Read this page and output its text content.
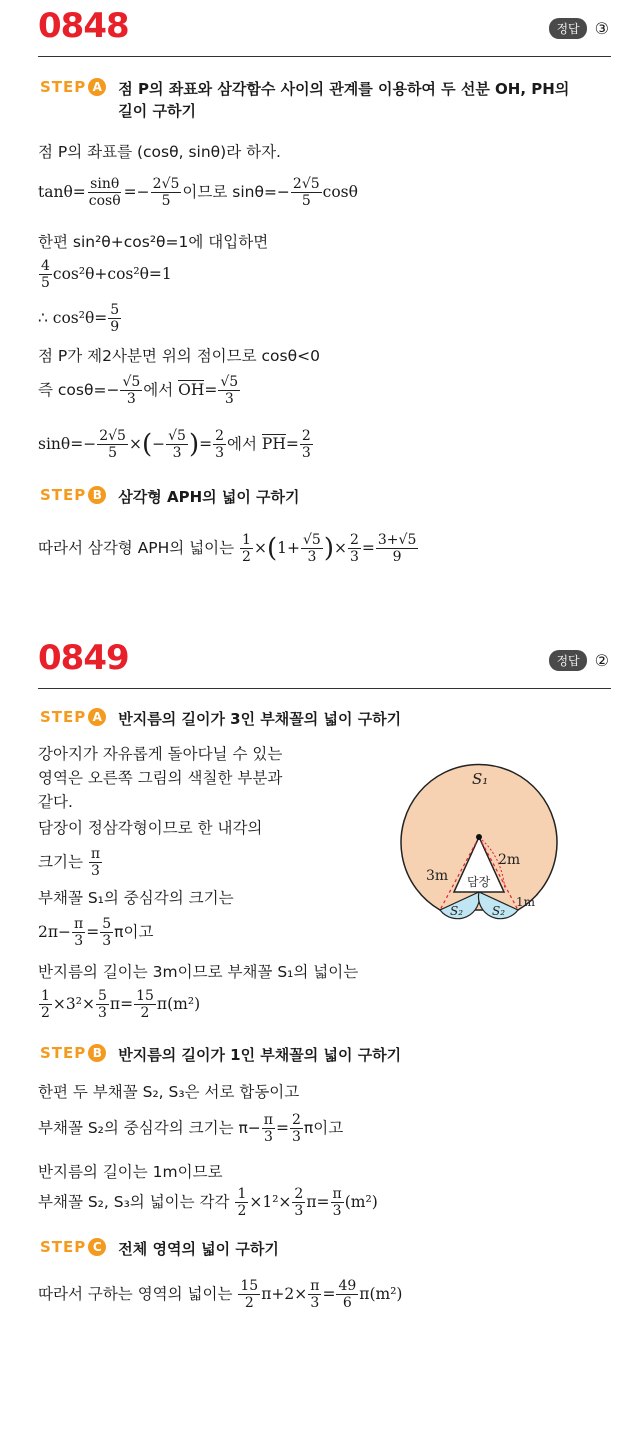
0848	정답 ③
STEP A 점 P의 좌표와 삼각함수 사이의 관계를 이용하여 두 선분 OH, PH의 길이 구하기
점 P의 좌표를 (cosθ, sinθ)라 하자.
$\tan\theta= \frac{\sin\theta}{\cos\theta} =- \frac{2√5}{5}$ 이므로 $\sin\theta=- \frac{2√5}{5}$ cosθ
한편 sin²θ+cos²θ=1에 대입하면
$\frac{4}{5} \cos^2\theta+\cos^2\theta=1$
∴ $\cos^2\theta= \frac{5}{9}$
점 P가 제2사분면 위의 점이므로 cosθ<0
즉 $\cos\theta=- \frac{√5}{3}$ 에서 $OH= \frac{√5}{3}$
$\sin\theta=- \frac{2√5}{5}$ ×(− $\frac{√5}{3}$ )= $\frac{2}{3}$ 에서 $PH= \frac{2}{3}$
STEP B 삼각형 APH의 넓이 구하기
따라서 삼각형 APH의 넓이는 $\frac{1}{2} \times(1+ \frac{√5}{3}$ )× $\frac{2}{3} = \frac{3+√5}{9}$
0849	정답 ②
STEP A 반지름의 길이가 3인 부채꼴의 넓이 구하기
강아지가 자유롭게 돌아다닐 수 있는
영역은 오른쪽 그림의 색칠한 부분과
같다.
담장이 정삼각형이므로 한 내각의
크기는 $\frac{\pi}{3}$
부채꼴 S₁의 중심각의 크기는
$2\pi- \frac{\pi}{3} = \frac{5}{3}$ π이고
반지름의 길이는 3m이므로 부채꼴 S₁의 넓이는
$\frac{1}{2} \times 3^2\times \frac{5}{3} \pi= \frac{15}{2} \pi(m^2)$
S₁
2m
3m
1m
담장
S₂ S₂
STEP B 반지름의 길이가 1인 부채꼴의 넓이 구하기
한편 두 부채꼴 S₂, S₃은 서로 합동이고
부채꼴 S₂의 중심각의 크기는 $\pi- \frac{\pi}{3} = \frac{2}{3}$ π이고
반지름의 길이는 1m이므로
부채꼴 S₂, S₃의 넓이는 각각 $\frac{1}{2} \times 1^2\times \frac{2}{3} \pi= \frac{\pi}{3} (m^2)$
STEP C	전체 영역의 넓이 구하기
따라서 구하는 영역의 넓이는 $\frac{15}{2} \pi+2\times \frac{\pi}{3} = \frac{49}{6} \pi(m^2)$
